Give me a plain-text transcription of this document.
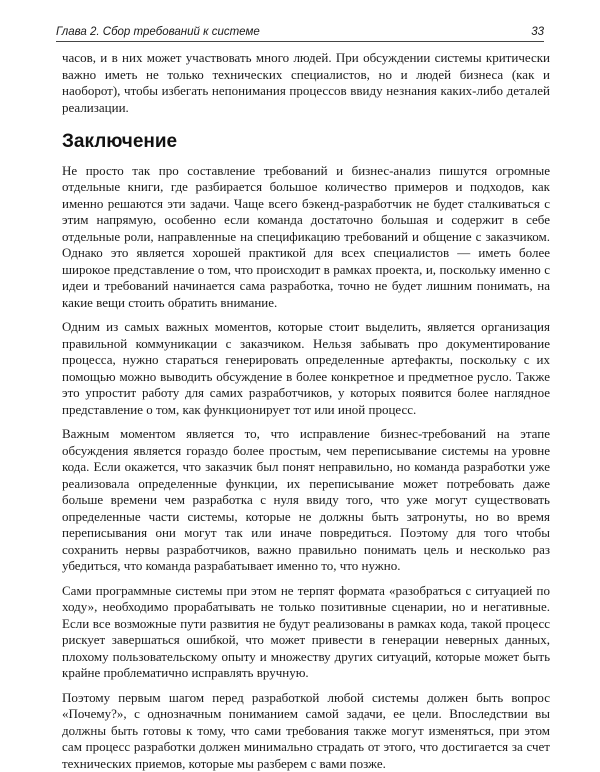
Глава 2. Сбор требований к системе	33

часов, и в них может участвовать много людей. При обсуждении системы критически важно иметь не только технических специалистов, но и людей бизнеса (как и наоборот), чтобы избегать непонимания процессов ввиду незнания каких-либо деталей реализации.

Заключение

Не просто так про составление требований и бизнес-анализ пишутся огромные отдельные книги, где разбирается большое количество примеров и подходов, как именно решаются эти задачи. Чаще всего бэкенд-разработчик не будет сталкиваться с этим напрямую, особенно если команда достаточно большая и содержит в себе отдельные роли, направленные на спецификацию требований и общение с заказчиком. Однако это является хорошей практикой для всех специалистов — иметь более широкое представление о том, что происходит в рамках проекта, и, поскольку именно с идеи и требований начинается сама разработка, точно не будет лишним понимать, на какие вещи стоить обратить внимание.

Одним из самых важных моментов, которые стоит выделить, является организация правильной коммуникации с заказчиком. Нельзя забывать про документирование процесса, нужно стараться генерировать определенные артефакты, поскольку с их помощью можно выводить обсуждение в более конкретное и предметное русло. Также это упростит работу для самих разработчиков, у которых появится более наглядное представление о том, как функционирует тот или иной процесс.

Важным моментом является то, что исправление бизнес-требований на этапе обсуждения является гораздо более простым, чем переписывание системы на уровне кода. Если окажется, что заказчик был понят неправильно, но команда разработки уже реализовала определенные функции, их переписывание может потребовать даже больше времени чем разработка с нуля ввиду того, что уже могут существовать определенные части системы, которые не должны быть затронуты, но во время переписывания они могут так или иначе повредиться. Поэтому для того чтобы сохранить нервы разработчиков, важно правильно понимать цель и несколько раз убедиться, что команда разрабатывает именно то, что нужно.

Сами программные системы при этом не терпят формата «разобраться с ситуацией по ходу», необходимо прорабатывать не только позитивные сценарии, но и негативные. Если все возможные пути развития не будут реализованы в рамках кода, такой процесс рискует завершаться ошибкой, что может привести в генерации неверных данных, плохому пользовательскому опыту и множеству других ситуаций, которые может быть крайне проблематично исправлять вручную.

Поэтому первым шагом перед разработкой любой системы должен быть вопрос «Почему?», с однозначным пониманием самой задачи, ее цели. Впоследствии вы должны быть готовы к тому, что сами требования также могут изменяться, при этом сам процесс разработки должен минимально страдать от этого, что достигается за счет технических приемов, которые мы разберем с вами позже.
